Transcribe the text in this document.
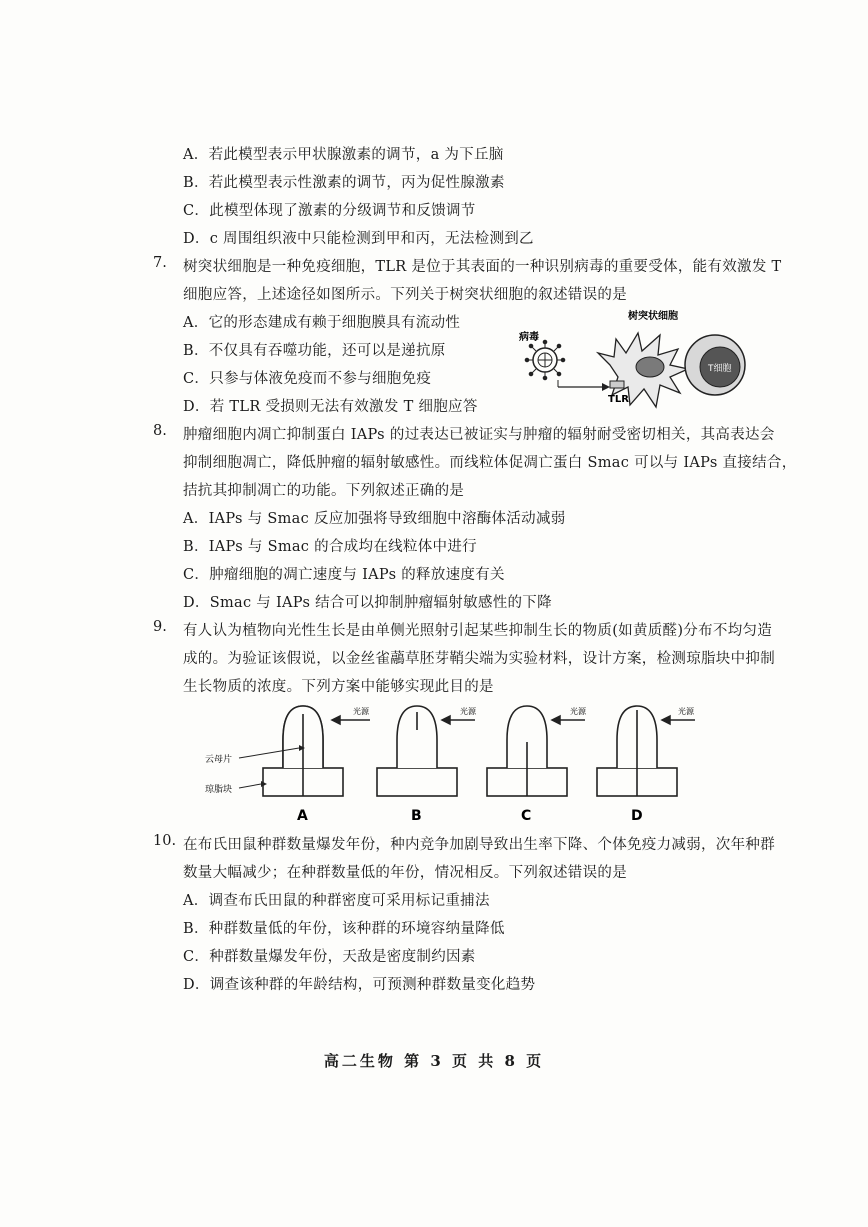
A．若此模型表示甲状腺激素的调节，a 为下丘脑
B．若此模型表示性激素的调节，丙为促性腺激素
C．此模型体现了激素的分级调节和反馈调节
D．c 周围组织液中只能检测到甲和丙，无法检测到乙
7. 树突状细胞是一种免疫细胞，TLR 是位于其表面的一种识别病毒的重要受体，能有效激发 T
细胞应答，上述途径如图所示。下列关于树突状细胞的叙述错误的是
A．它的形态建成有赖于细胞膜具有流动性
B．不仅具有吞噬功能，还可以是递抗原
C．只参与体液免疫而不参与细胞免疫
D．若 TLR 受损则无法有效激发 T 细胞应答
病毒
TLR
T细胞
树突状细胞
8. 肿瘤细胞内凋亡抑制蛋白 IAPs 的过表达已被证实与肿瘤的辐射耐受密切相关，其高表达会
抑制细胞凋亡，降低肿瘤的辐射敏感性。而线粒体促凋亡蛋白 Smac 可以与 IAPs 直接结合，
拮抗其抑制凋亡的功能。下列叙述正确的是
A．IAPs 与 Smac 反应加强将导致细胞中溶酶体活动减弱
B．IAPs 与 Smac 的合成均在线粒体中进行
C．肿瘤细胞的凋亡速度与 IAPs 的释放速度有关
D．Smac 与 IAPs 结合可以抑制肿瘤辐射敏感性的下降
9. 有人认为植物向光性生长是由单侧光照射引起某些抑制生长的物质(如黄质醛)分布不均匀造
成的。为验证该假说，以金丝雀虉草胚芽鞘尖端为实验材料，设计方案，检测琼脂块中抑制
生长物质的浓度。下列方案中能够实现此目的是
光源	光源	光源	光源
云母片
琼脂块
A	B	C	D
10. 在布氏田鼠种群数量爆发年份，种内竞争加剧导致出生率下降、个体免疫力减弱，次年种群
数量大幅减少；在种群数量低的年份，情况相反。下列叙述错误的是
A．调查布氏田鼠的种群密度可采用标记重捕法
B．种群数量低的年份，该种群的环境容纳量降低
C．种群数量爆发年份，天敌是密度制约因素
D．调查该种群的年龄结构，可预测种群数量变化趋势
高二生物 第 3 页 共 8 页
